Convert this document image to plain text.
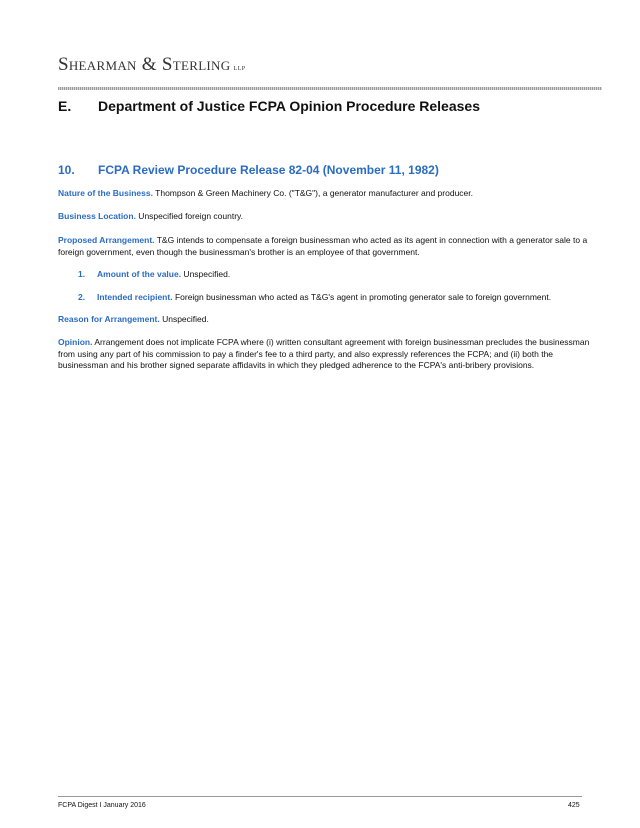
Shearman & Sterling LLP
E. Department of Justice FCPA Opinion Procedure Releases
10. FCPA Review Procedure Release 82-04 (November 11, 1982)
Nature of the Business. Thompson & Green Machinery Co. ("T&G"), a generator manufacturer and producer.
Business Location. Unspecified foreign country.
Proposed Arrangement. T&G intends to compensate a foreign businessman who acted as its agent in connection with a generator sale to a foreign government, even though the businessman's brother is an employee of that government.
1. Amount of the value. Unspecified.
2. Intended recipient. Foreign businessman who acted as T&G's agent in promoting generator sale to foreign government.
Reason for Arrangement. Unspecified.
Opinion. Arrangement does not implicate FCPA where (i) written consultant agreement with foreign businessman precludes the businessman from using any part of his commission to pay a finder's fee to a third party, and also expressly references the FCPA; and (ii) both the businessman and his brother signed separate affidavits in which they pledged adherence to the FCPA's anti-bribery provisions.
FCPA Digest I January 2016	425
